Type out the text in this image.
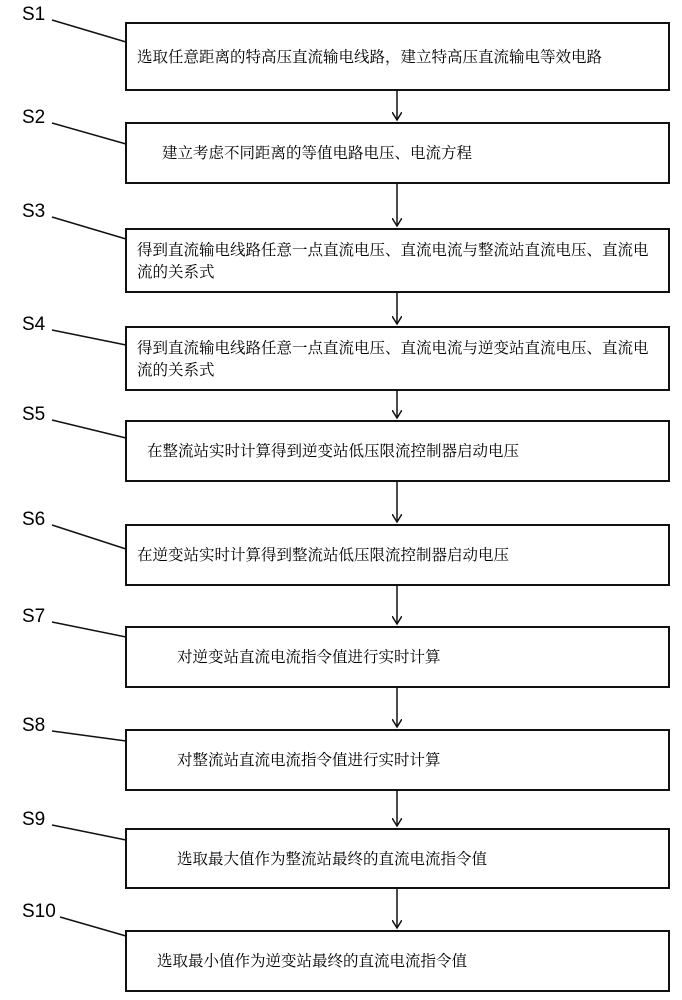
S1
S2
S3
S4
S5
S6
S7
S8
S9
S10
选取任意距离的特高压直流输电线路，建立特高压直流输电等效电路
建立考虑不同距离的等值电路电压、电流方程
得到直流输电线路任意一点直流电压、直流电流与整流站直流电压、直流电流的关系式
得到直流输电线路任意一点直流电压、直流电流与逆变站直流电压、直流电流的关系式
在整流站实时计算得到逆变站低压限流控制器启动电压
在逆变站实时计算得到整流站低压限流控制器启动电压
对逆变站直流电流指令值进行实时计算
对整流站直流电流指令值进行实时计算
选取最大值作为整流站最终的直流电流指令值
选取最小值作为逆变站最终的直流电流指令值
